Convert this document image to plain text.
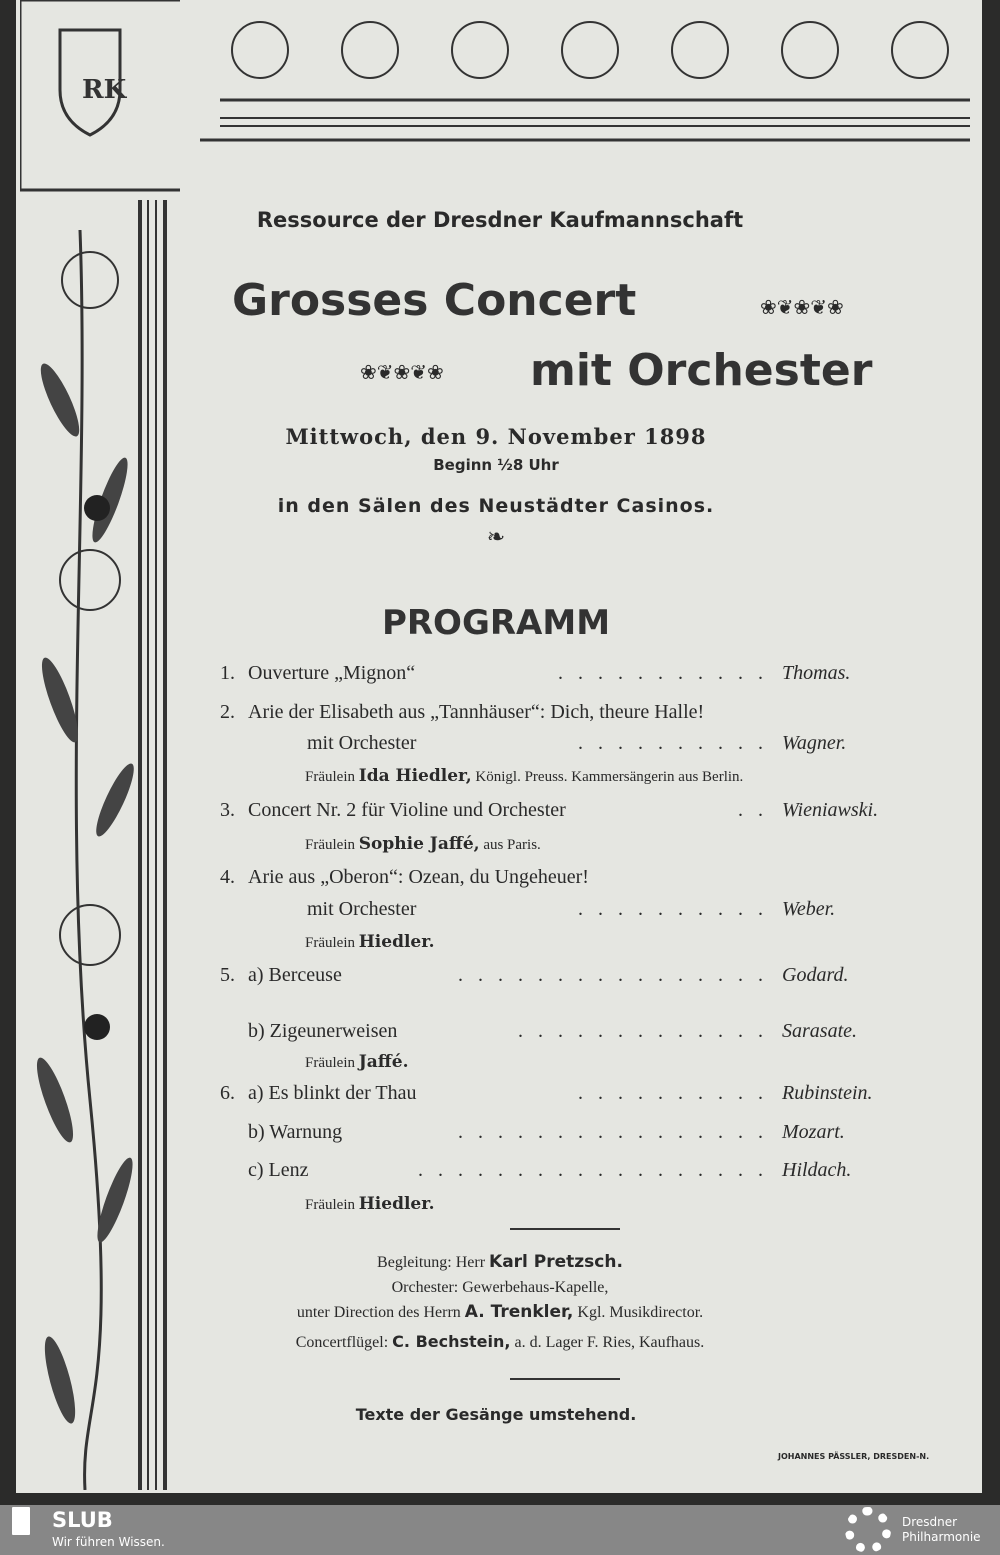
RK
Ressource der Dresdner Kaufmannschaft
Grosses Concert
mit Orchester
❀❦❀❦❀
❀❦❀❦❀
Mittwoch, den 9. November 1898
Beginn ½8 Uhr
in den Sälen des Neustädter Casinos.
❧
PROGRAMM
1. Ouverture „Mignon“	. . . . . . . . . . . Thomas.
2. Arie der Elisabeth aus „Tannhäuser“: Dich, theure Halle!
mit Orchester	. . . . . . . . . . Wagner.
Fräulein Ida Hiedler, Königl. Preuss. Kammersängerin aus Berlin.
3. Concert Nr. 2 für Violine und Orchester	. . Wieniawski.
Fräulein Sophie Jaffé, aus Paris.
4. Arie aus „Oberon“: Ozean, du Ungeheuer!
mit Orchester	. . . . . . . . . . Weber.
Fräulein Hiedler.
5. a) Berceuse	. . . . . . . . . . . . . . . . Godard.
b) Zigeunerweisen	. . . . . . . . . . . . . Sarasate.
Fräulein Jaffé.
6. a) Es blinkt der Thau	. . . . . . . . . . Rubinstein.
b) Warnung	. . . . . . . . . . . . . . . . Mozart.
c) Lenz	. . . . . . . . . . . . . . . . . . Hildach.
Fräulein Hiedler.
Begleitung: Herr Karl Pretzsch.
Orchester: Gewerbehaus-Kapelle,
unter Direction des Herrn A. Trenkler, Kgl. Musikdirector.
Concertflügel: C. Bechstein, a. d. Lager F. Ries, Kaufhaus.
Texte der Gesänge umstehend.
JOHANNES PÄSSLER, DRESDEN-N.
SLUB
Wir führen Wissen.
Dresdner
Philharmonie
